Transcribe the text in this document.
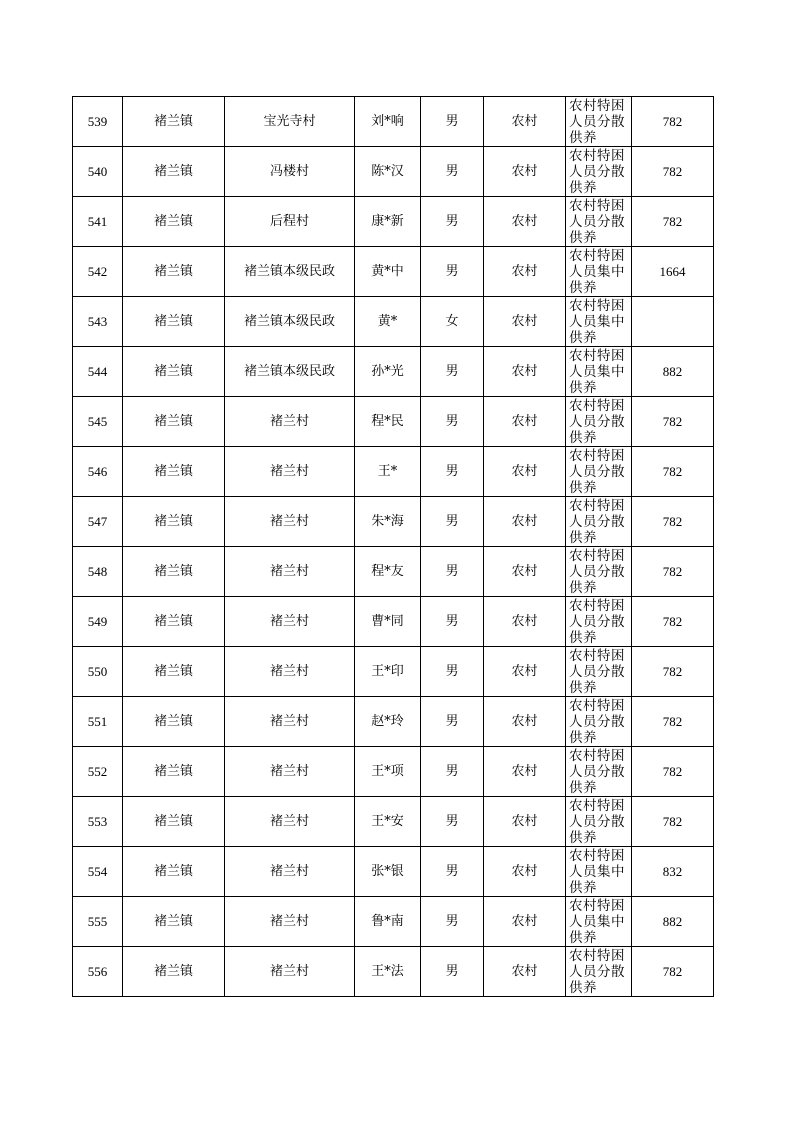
539	褚兰镇	宝光寺村	刘*响	男	农村	农村特困人员分散供养	782
540	褚兰镇	冯楼村	陈*汉	男	农村	农村特困人员分散供养	782
541	褚兰镇	后程村	康*新	男	农村	农村特困人员分散供养	782
542	褚兰镇	褚兰镇本级民政	黄*中	男	农村	农村特困人员集中供养	1664
543	褚兰镇	褚兰镇本级民政	黄*	女	农村	农村特困人员集中供养	

544	褚兰镇	褚兰镇本级民政	孙*光	男	农村	农村特困人员集中供养	882
545	褚兰镇	褚兰村	程*民	男	农村	农村特困人员分散供养	782
546	褚兰镇	褚兰村	王*	男	农村	农村特困人员分散供养	782
547	褚兰镇	褚兰村	朱*海	男	农村	农村特困人员分散供养	782
548	褚兰镇	褚兰村	程*友	男	农村	农村特困人员分散供养	782
549	褚兰镇	褚兰村	曹*同	男	农村	农村特困人员分散供养	782
550	褚兰镇	褚兰村	王*印	男	农村	农村特困人员分散供养	782
551	褚兰镇	褚兰村	赵*玲	男	农村	农村特困人员分散供养	782
552	褚兰镇	褚兰村	王*项	男	农村	农村特困人员分散供养	782
553	褚兰镇	褚兰村	王*安	男	农村	农村特困人员分散供养	782
554	褚兰镇	褚兰村	张*银	男	农村	农村特困人员集中供养	832
555	褚兰镇	褚兰村	鲁*南	男	农村	农村特困人员集中供养	882
556	褚兰镇	褚兰村	王*法	男	农村	农村特困人员分散供养	782
